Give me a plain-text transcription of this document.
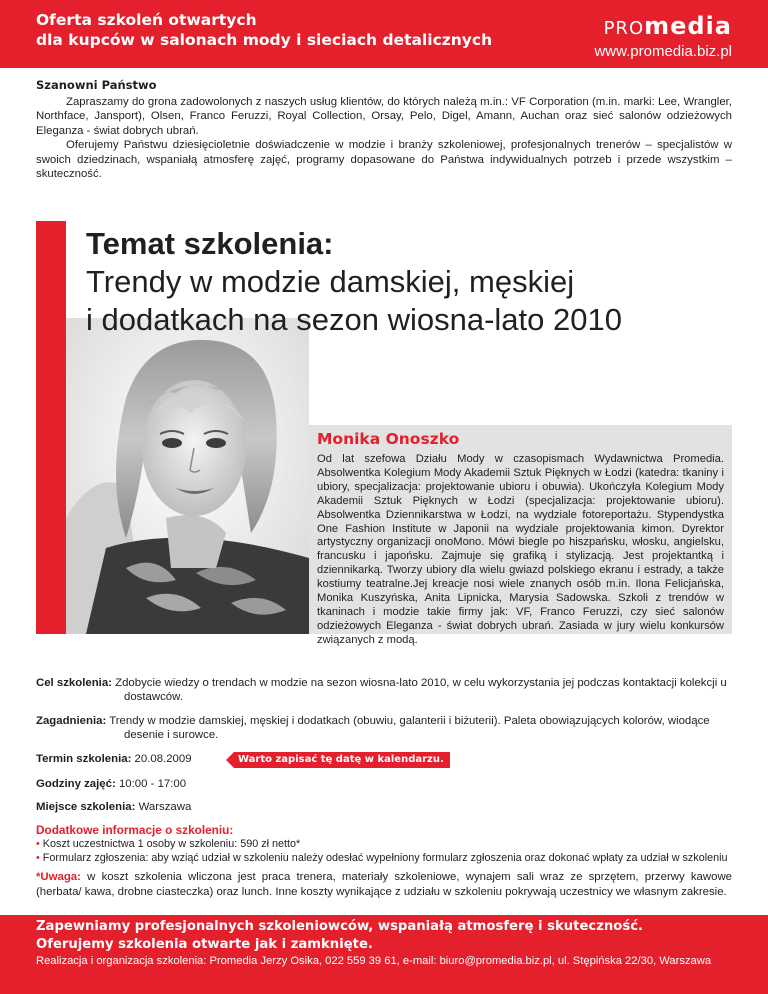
Oferta szkoleń otwartych
dla kupców w salonach mody i sieciach detalicznych
PROmedia
www.promedia.biz.pl
Szanowni Państwo

Zapraszamy do grona zadowolonych z naszych usług klientów, do których należą m.in.: VF Corporation (m.in. marki: Lee, Wrangler, Northface, Jansport), Olsen, Franco Feruzzi, Royal Collection, Orsay, Pelo, Digel, Amann, Auchan oraz sieć salonów odzieżowych Eleganza - świat dobrych ubrań.

Oferujemy Państwu dziesięcioletnie doświadczenie w modzie i branży szkoleniowej, profesjonalnych trenerów – specjalistów w swoich dziedzinach, wspaniałą atmosferę zajęć, programy dopasowane do Państwa indywidualnych potrzeb i przede wszystkim – skuteczność.

Temat szkolenia:
Trendy w modzie damskiej, męskiej
i dodatkach na sezon wiosna-lato 2010
Monika Onoszko
Od lat szefowa Działu Mody w czasopismach Wydawnictwa Promedia. Absolwentka Kolegium Mody Akademii Sztuk Pięknych w Łodzi (katedra: tkaniny i ubiory, specjalizacja: projektowanie ubioru i obuwia). Ukończyła Kolegium Mody Akademii Sztuk Pięknych w Łodzi (specjalizacja: projektowanie ubioru). Absolwentka Dziennikarstwa w Łodzi, na wydziale fotoreportażu. Stypendystka One Fashion Institute w Japonii na wydziale projektowania kimon. Dyrektor artystyczny organizacji onoMono. Mówi biegle po hiszpańsku, włosku, angielsku, francusku i japońsku. Zajmuje się grafiką i stylizacją. Jest projektantką i dziennikarką. Tworzy ubiory dla wielu gwiazd polskiego ekranu i estrady, a także kostiumy teatralne.Jej kreacje nosi wiele znanych osób m.in. Ilona Felicjańska, Monika Kuszyńska, Anita Lipnicka, Marysia Sadowska. Szkoli z trendów w tkaninach i modzie takie firmy jak: VF, Franco Feruzzi, czy sieć salonów odzieżowych Eleganza - świat dobrych ubrań. Zasiada w jury wielu konkursów związanych z modą.
Cel szkolenia: Zdobycie wiedzy o trendach w modzie na sezon wiosna-lato 2010, w celu wykorzystania jej podczas kontaktacji kolekcji u dostawców.
Zagadnienia: Trendy w modzie damskiej, męskiej i dodatkach (obuwiu, galanterii i biżuterii). Paleta obowiązujących kolorów, wiodące desenie i surowce.
Termin szkolenia: 20.08.2009	Warto zapisać tę datę w kalendarzu.
Godziny zajęć: 10:00 - 17:00
Miejsce szkolenia: Warszawa
Dodatkowe informacje o szkoleniu:
• Koszt uczestnictwa 1 osoby w szkoleniu: 590 zł netto*
• Formularz zgłoszenia: aby wziąć udział w szkoleniu należy odesłać wypełniony formularz zgłoszenia oraz dokonać wpłaty za udział w szkoleniu

*Uwaga: w koszt szkolenia wliczona jest praca trenera, materiały szkoleniowe, wynajem sali wraz ze sprzętem, przerwy kawowe (herbata/ kawa, drobne ciasteczka) oraz lunch. Inne koszty wynikające z udziału w szkoleniu pokrywają uczestnicy we własnym zakresie.

Zapewniamy profesjonalnych szkoleniowców, wspaniałą atmosferę i skuteczność.
Oferujemy szkolenia otwarte jak i zamknięte.
Realizacja i organizacja szkolenia: Promedia Jerzy Osika, 022 559 39 61, e-mail: biuro@promedia.biz.pl, ul. Stępińska 22/30, Warszawa
